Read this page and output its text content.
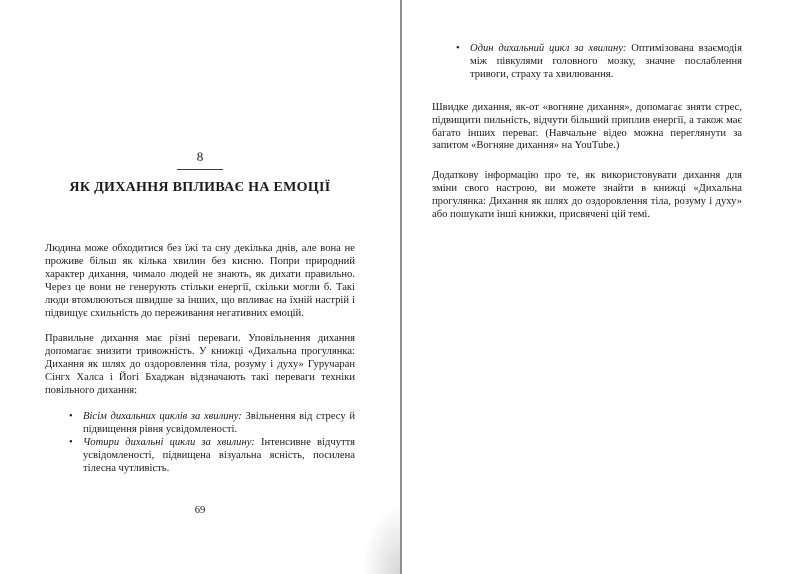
8
ЯК ДИХАННЯ ВПЛИВАЄ НА ЕМОЦІЇ

Людина може обходитися без їжі та сну декілька днів, але вона не проживе більш як кілька хвилин без кисню. Попри природний характер дихання, чимало людей не знають, як дихати правильно. Через це вони не генерують стільки енергії, скільки могли б. Такі люди втомлюються швидше за інших, що впливає на їхній настрій і підвищує схильність до переживання негативних емоцій.

Правильне дихання має різні переваги. Уповільнення дихання допомагає знизити тривожність. У книжці «Дихальна прогулянка: Дихання як шлях до оздоровлення тіла, розуму і духу» Гуручаран Сінгх Халса і Йогі Бхаджан відзначають такі переваги техніки повільного дихання:

• Вісім дихальних циклів за хвилину: Звільнення від стресу й підвищення рівня усвідомленості.
• Чотири дихальні цикли за хвилину: Інтенсивне відчуття усвідомленості, підвищена візуальна ясність, посилена тілесна чутливість.
69
• Один дихальний цикл за хвилину: Оптимізована взаємодія між півкулями головного мозку, значне послаблення тривоги, страху та хвилювання.

Швидке дихання, як-от «вогняне дихання», допомагає зняти стрес, підвищити пильність, відчути більший приплив енергії, а також має багато інших переваг. (Навчальне відео можна переглянути за запитом «Вогняне дихання» на YouTube.)

Додаткову інформацію про те, як використовувати дихання для зміни свого настрою, ви можете знайти в книжці «Дихальна прогулянка: Дихання як шлях до оздоровлення тіла, розуму і духу» або пошукати інші книжки, присвячені цій темі.
